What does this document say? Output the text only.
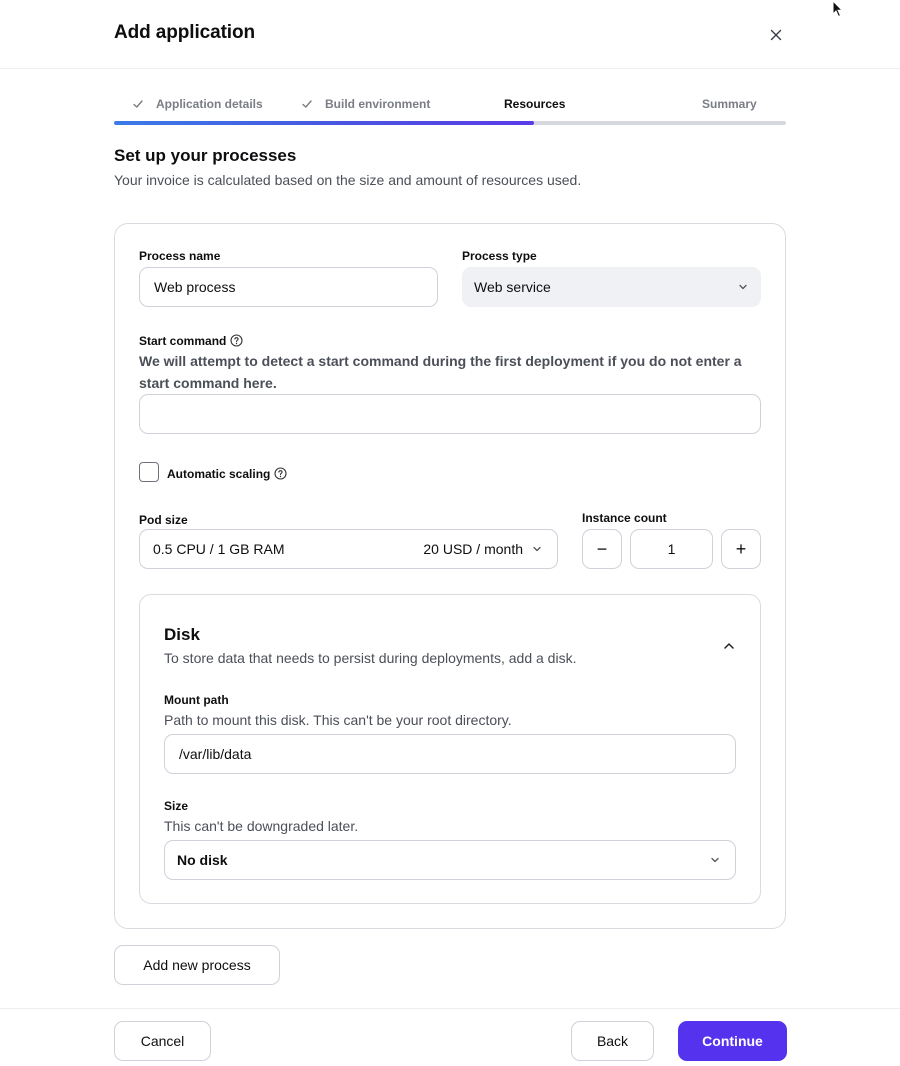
Add application
Application details	Build environment	Resources	Summary
Set up your processes
Your invoice is calculated based on the size and amount of resources used.
Process name
Web process
Process type
Web service
Start command
We will attempt to detect a start command during the first deployment if you do not enter a
start command here.
Automatic scaling
Pod size
0.5 CPU / 1 GB RAM	20 USD / month
Instance count
−	1	+
Disk
To store data that needs to persist during deployments, add a disk.
Mount path
Path to mount this disk. This can't be your root directory.
/var/lib/data
Size
This can't be downgraded later.
No disk
Add new process
Cancel	Back	Continue
